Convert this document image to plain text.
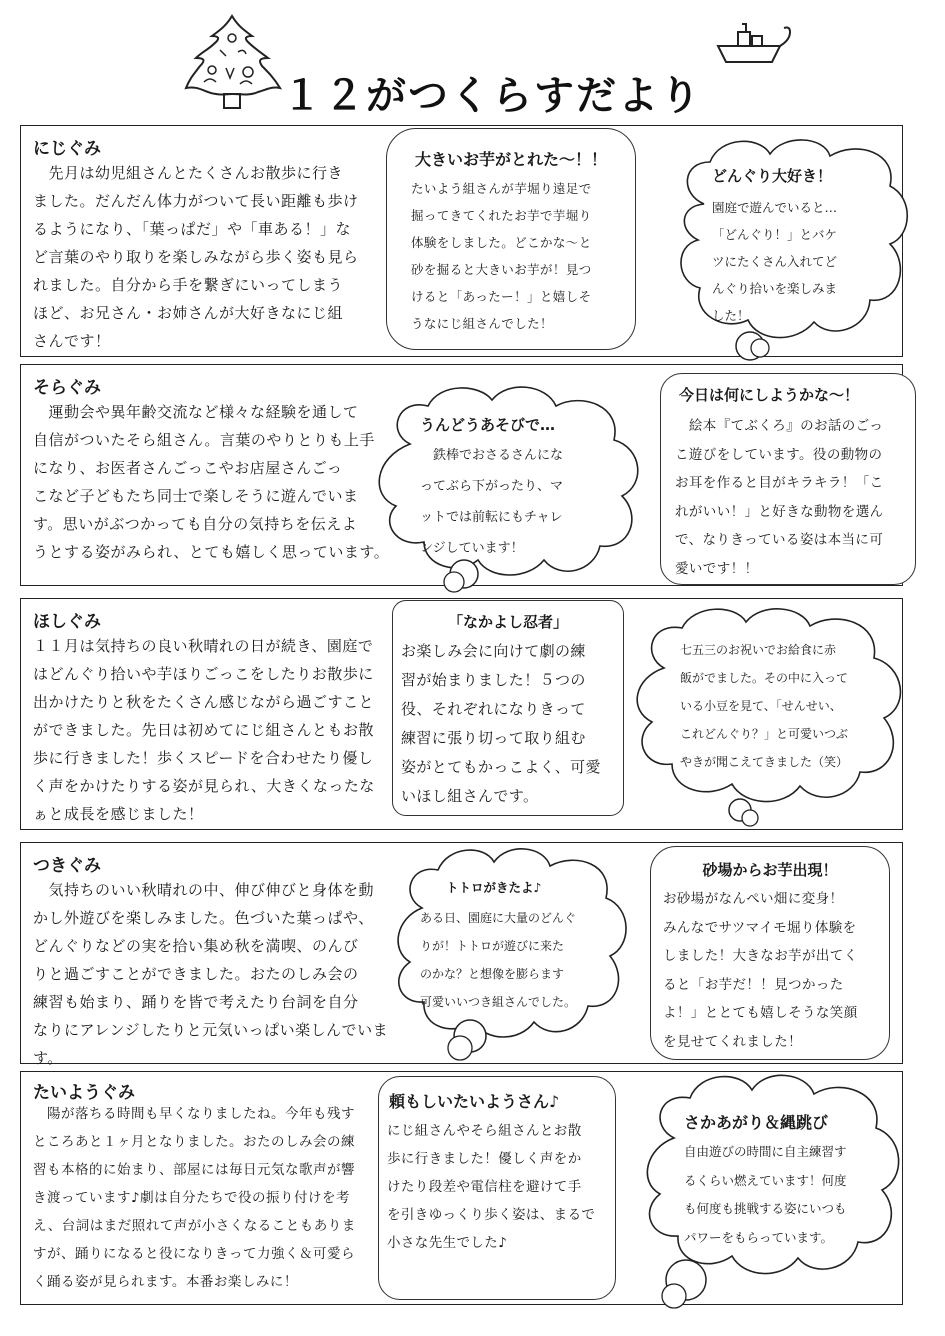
１２がつくらすだより
にじぐみ
　先月は幼児組さんとたくさんお散歩に行き
ました。だんだん体力がついて長い距離も歩け
るようになり、「葉っぱだ」や「車ある！」な
ど言葉のやり取りを楽しみながら歩く姿も見ら
れました。自分から手を繋ぎにいってしまう
ほど、お兄さん・お姉さんが大好きなにじ組
さんです！
大きいお芋がとれた～！！
たいよう組さんが芋堀り遠足で
掘ってきてくれたお芋で芋堀り
体験をしました。どこかな～と
砂を掘ると大きいお芋が！見つ
けると「あったー！」と嬉しそ
うなにじ組さんでした！
どんぐり大好き！
園庭で遊んでいると…
「どんぐり！」とバケ
ツにたくさん入れてど
んぐり拾いを楽しみま
した！
そらぐみ
　運動会や異年齢交流など様々な経験を通して
自信がついたそら組さん。言葉のやりとりも上手
になり、お医者さんごっこやお店屋さんごっ
こなど子どもたち同士で楽しそうに遊んでいま
す。思いがぶつかっても自分の気持ちを伝えよ
うとする姿がみられ、とても嬉しく思っています。
うんどうあそびで…
　鉄棒でおさるさんにな
ってぶら下がったり、マ
ットでは前転にもチャレ
ンジしています！
今日は何にしようかな～！
　絵本『てぶくろ』のお話のごっ
こ遊びをしています。役の動物の
お耳を作ると目がキラキラ！「こ
れがいい！」と好きな動物を選ん
で、なりきっている姿は本当に可
愛いです！！
ほしぐみ
１１月は気持ちの良い秋晴れの日が続き、園庭で
はどんぐり拾いや芋ほりごっこをしたりお散歩に
出かけたりと秋をたくさん感じながら過ごすこと
ができました。先日は初めてにじ組さんともお散
歩に行きました！歩くスピードを合わせたり優し
く声をかけたりする姿が見られ、大きくなったな
ぁと成長を感じました！
「なかよし忍者」
お楽しみ会に向けて劇の練
習が始まりました！５つの
役、それぞれになりきって
練習に張り切って取り組む
姿がとてもかっこよく、可愛
いほし組さんです。
七五三のお祝いでお給食に赤
飯がでました。その中に入って
いる小豆を見て、「せんせい、
これどんぐり？」と可愛いつぶ
やきが聞こえてきました（笑）
つきぐみ
　気持ちのいい秋晴れの中、伸び伸びと身体を動
かし外遊びを楽しみました。色づいた葉っぱや、
どんぐりなどの実を拾い集め秋を満喫、のんび
りと過ごすことができました。おたのしみ会の
練習も始まり、踊りを皆で考えたり台詞を自分
なりにアレンジしたりと元気いっぱい楽しんでいます。
トトロがきたよ♪
ある日、園庭に大量のどんぐ
りが！トトロが遊びに来た
のかな？と想像を膨らます
可愛いいつき組さんでした。
砂場からお芋出現！
お砂場がなんぺい畑に変身！
みんなでサツマイモ堀り体験を
しました！大きなお芋が出てく
ると「お芋だ！！見つかった
よ！」ととても嬉しそうな笑顔
を見せてくれました！
たいようぐみ
　陽が落ちる時間も早くなりましたね。今年も残す
ところあと１ヶ月となりました。おたのしみ会の練
習も本格的に始まり、部屋には毎日元気な歌声が響
き渡っています♪劇は自分たちで役の振り付けを考
え、台詞はまだ照れて声が小さくなることもありま
すが、踊りになると役になりきって力強く＆可愛ら
く踊る姿が見られます。本番お楽しみに！
頼もしいたいようさん♪
にじ組さんやそら組さんとお散
歩に行きました！優しく声をか
けたり段差や電信柱を避けて手
を引きゆっくり歩く姿は、まるで
小さな先生でした♪
さかあがり＆縄跳び
自由遊びの時間に自主練習す
るくらい燃えています！何度
も何度も挑戦する姿にいつも
パワーをもらっています。
